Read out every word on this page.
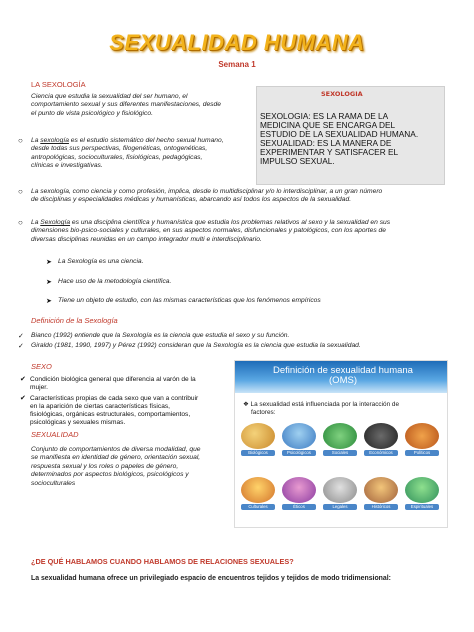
SEXUALIDAD HUMANA
Semana 1
LA SEXOLOGÍA
Ciencia que estudia la sexualidad del ser humano, el
comportamiento sexual y sus diferentes manifestaciones, desde
el punto de vista psicológico y fisiológico.
SEXOLOGIA
SEXOLOGIA: ES LA RAMA DE LA
MEDICINA QUE SE ENCARGA DEL
ESTUDIO DE LA SEXUALIDAD HUMANA.
SEXUALIDAD: ES LA MANERA DE
EXPERIMENTAR Y SATISFACER EL
IMPULSO SEXUAL.
○ La sexología es el estudio sistemático del hecho sexual humano,
desde todas sus perspectivas, filogenéticas, ontogenéticas,
antropológicas, socioculturales, fisiológicas, pedagógicas,
clínicas e investigativas.
○ La sexología, como ciencia y como profesión, implica, desde lo multidisciplinar y/o lo interdisciplinar, a un gran número
de disciplinas y especialidades médicas y humanísticas, abarcando así todos los aspectos de la sexualidad.
○ La Sexología es una disciplina científica y humanística que estudia los problemas relativos al sexo y la sexualidad en sus
dimensiones bio-psico-sociales y culturales, en sus aspectos normales, disfuncionales y patológicos, con los aportes de
diversas disciplinas reunidas en un campo integrador multi e interdisciplinario.
➤ La Sexología es una ciencia.
➤ Hace uso de la metodología científica.
➤ Tiene un objeto de estudio, con las mismas características que los fenómenos empíricos
Definición de la Sexología
✓ Bianco (1992) entiende que la Sexología es la ciencia que estudia el sexo y su función.
✓ Giraldo (1981, 1990, 1997) y Pérez (1992) consideran que la Sexología es la ciencia que estudia la sexualidad.
SEXO
✔ Condición biológica general que diferencia al varón de la
mujer.
✔ Características propias de cada sexo que van a contribuir
en la aparición de ciertas características físicas,
fisiológicas, orgánicas estructurales, comportamientos,
psicológicas y sexuales mismas.
SEXUALIDAD
Conjunto de comportamientos de diversa modalidad, que
se manifiesta en identidad de género, orientación sexual,
respuesta sexual y los roles o papeles de género,
determinados por aspectos biológicos, psicológicos y
socioculturales
Definición de sexualidad humana
(OMS)
❖ La sexualidad está influenciada por la interacción de
factores:
Biológicos	Psicológicos	Sociales	Económicos	Políticos
Culturales	Éticos	Legales	Históricos	Espirituales
¿DE QUÉ HABLAMOS CUANDO HABLAMOS DE RELACIONES SEXUALES?
La sexualidad humana ofrece un privilegiado espacio de encuentros tejidos y tejidos de modo tridimensional:
